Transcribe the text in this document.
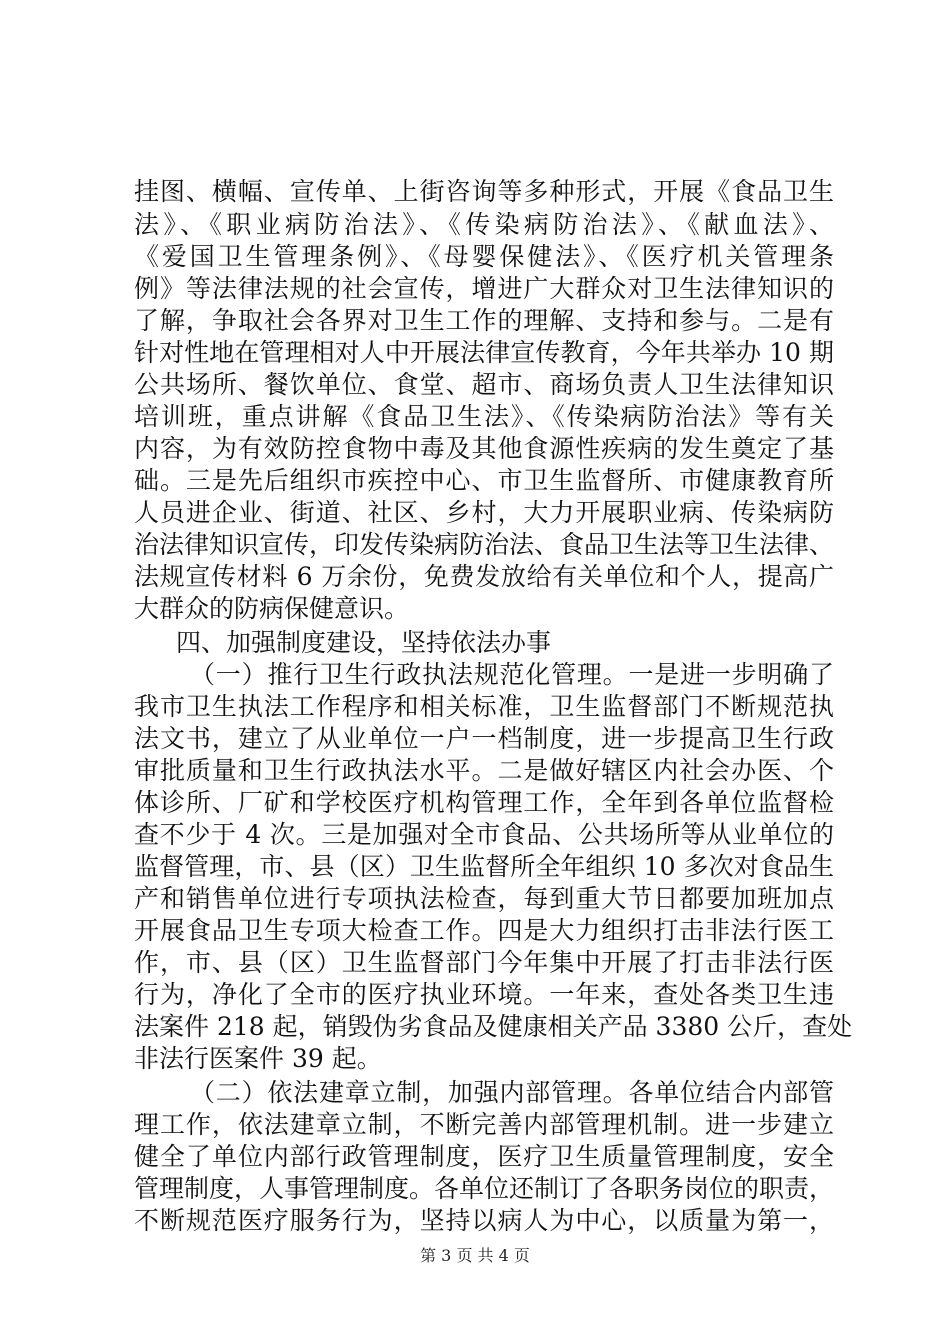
挂图、横幅、宣传单、上街咨询等多种形式，开展《食品卫生
法》、《职业病防治法》、《传染病防治法》、《献血法》、
《爱国卫生管理条例》、《母婴保健法》、《医疗机关管理条
例》等法律法规的社会宣传，增进广大群众对卫生法律知识的
了解，争取社会各界对卫生工作的理解、支持和参与。二是有
针对性地在管理相对人中开展法律宣传教育，今年共举办 10 期
公共场所、餐饮单位、食堂、超市、商场负责人卫生法律知识
培训班，重点讲解《食品卫生法》、《传染病防治法》等有关
内容，为有效防控食物中毒及其他食源性疾病的发生奠定了基
础。三是先后组织市疾控中心、市卫生监督所、市健康教育所
人员进企业、街道、社区、乡村，大力开展职业病、传染病防
治法律知识宣传，印发传染病防治法、食品卫生法等卫生法律、
法规宣传材料 6 万余份，免费发放给有关单位和个人，提高广
大群众的防病保健意识。
四、加强制度建设，坚持依法办事
（一）推行卫生行政执法规范化管理。一是进一步明确了
我市卫生执法工作程序和相关标准，卫生监督部门不断规范执
法文书，建立了从业单位一户一档制度，进一步提高卫生行政
审批质量和卫生行政执法水平。二是做好辖区内社会办医、个
体诊所、厂矿和学校医疗机构管理工作，全年到各单位监督检
查不少于 4 次。三是加强对全市食品、公共场所等从业单位的
监督管理，市、县（区）卫生监督所全年组织 10 多次对食品生
产和销售单位进行专项执法检查，每到重大节日都要加班加点
开展食品卫生专项大检查工作。四是大力组织打击非法行医工
作，市、县（区）卫生监督部门今年集中开展了打击非法行医
行为，净化了全市的医疗执业环境。一年来，查处各类卫生违
法案件 218 起，销毁伪劣食品及健康相关产品 3380 公斤，查处
非法行医案件 39 起。
（二）依法建章立制，加强内部管理。各单位结合内部管
理工作，依法建章立制，不断完善内部管理机制。进一步建立
健全了单位内部行政管理制度，医疗卫生质量管理制度，安全
管理制度，人事管理制度。各单位还制订了各职务岗位的职责，
不断规范医疗服务行为，坚持以病人为中心，以质量为第一，
第 3 页 共 4 页
